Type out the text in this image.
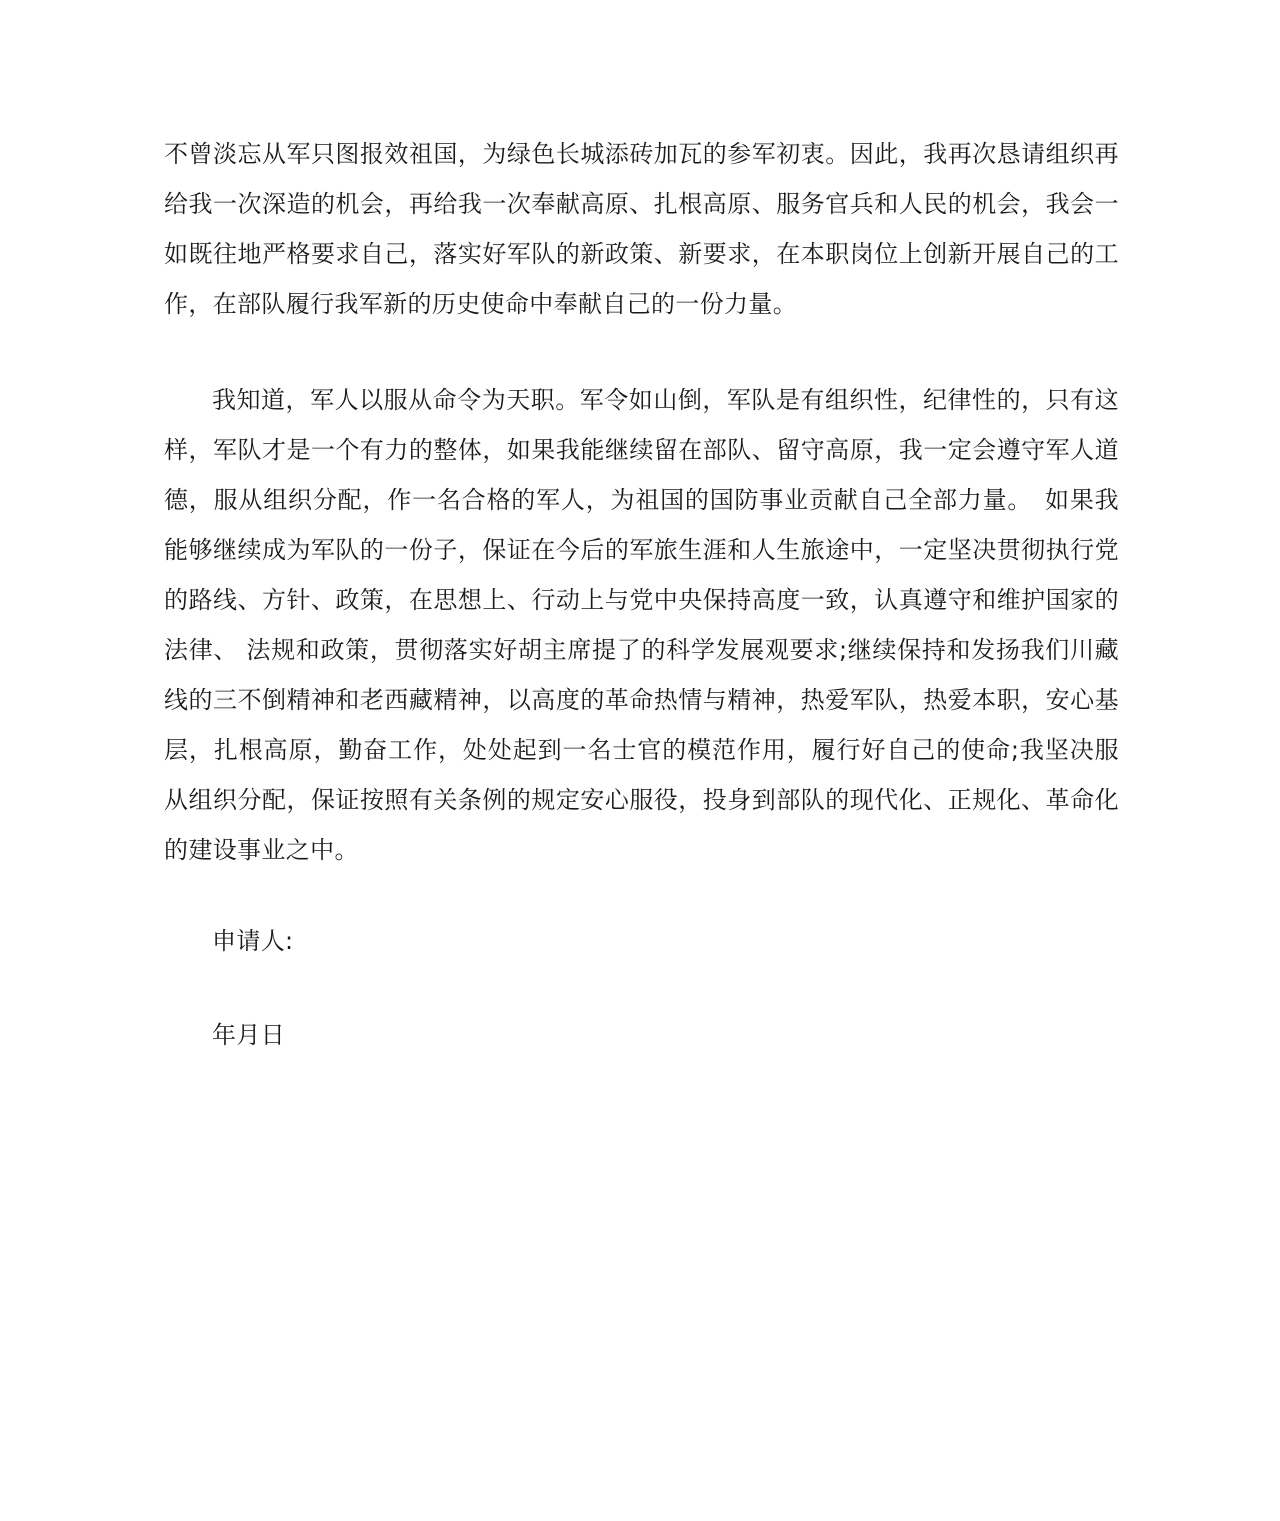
不曾淡忘从军只图报效祖国，为绿色长城添砖加瓦的参军初衷。因此，我再次恳请组织再给我一次深造的机会，再给我一次奉献高原、扎根高原、服务官兵和人民的机会，我会一如既往地严格要求自己，落实好军队的新政策、新要求，在本职岗位上创新开展自己的工作，在部队履行我军新的历史使命中奉献自己的一份力量。

我知道，军人以服从命令为天职。军令如山倒，军队是有组织性，纪律性的，只有这样，军队才是一个有力的整体，如果我能继续留在部队、留守高原，我一定会遵守军人道德，服从组织分配，作一名合格的军人，为祖国的国防事业贡献自己全部力量。　如果我能够继续成为军队的一份子，保证在今后的军旅生涯和人生旅途中，一定坚决贯彻执行党的路线、方针、政策，在思想上、行动上与党中央保持高度一致，认真遵守和维护国家的法律、 法规和政策，贯彻落实好胡主席提了的科学发展观要求;继续保持和发扬我们川藏线的三不倒精神和老西藏精神，以高度的革命热情与精神，热爱军队，热爱本职，安心基层，扎根高原，勤奋工作，处处起到一名士官的模范作用，履行好自己的使命;我坚决服从组织分配，保证按照有关条例的规定安心服役，投身到部队的现代化、正规化、革命化的建设事业之中。

申请人:

年月日
